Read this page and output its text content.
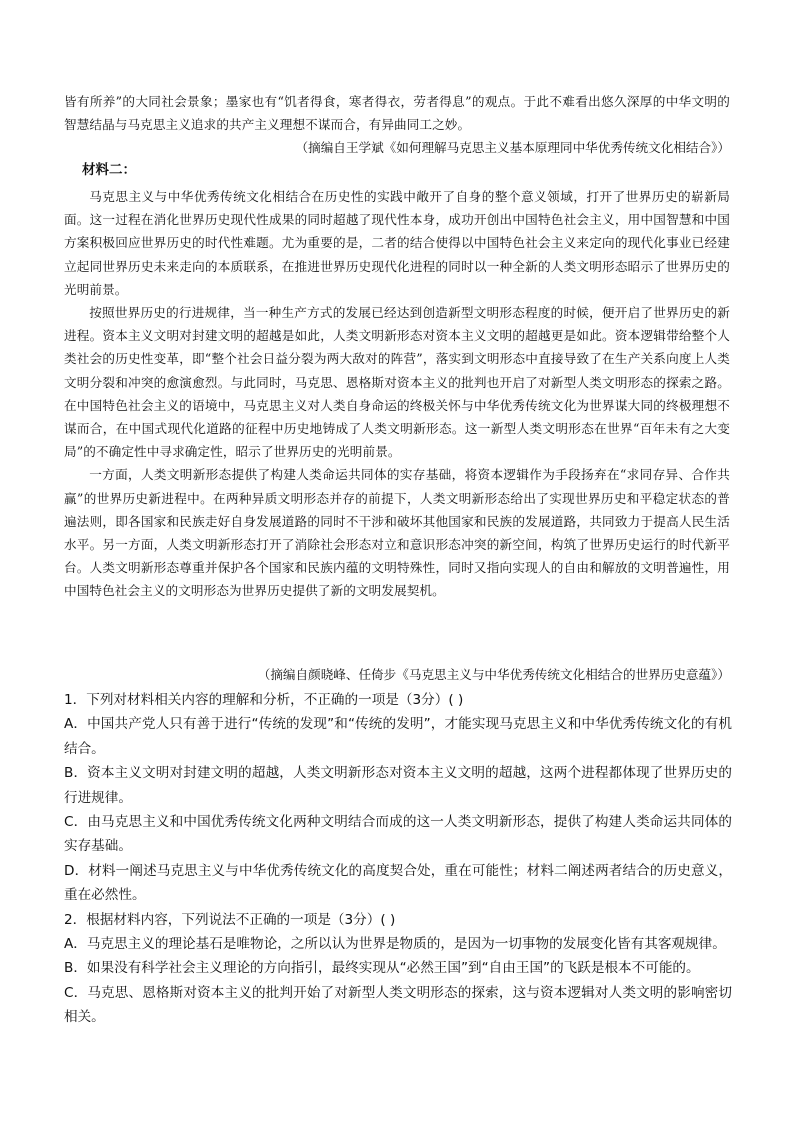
皆有所养”的大同社会景象；墨家也有“饥者得食，寒者得衣，劳者得息”的观点。于此不难看出悠久深厚的中华文明的智慧结晶与马克思主义追求的共产主义理想不谋而合，有异曲同工之妙。

（摘编自王学斌《如何理解马克思主义基本原理同中华优秀传统文化相结合》）

材料二：

马克思主义与中华优秀传统文化相结合在历史性的实践中敞开了自身的整个意义领域，打开了世界历史的崭新局面。这一过程在消化世界历史现代性成果的同时超越了现代性本身，成功开创出中国特色社会主义，用中国智慧和中国方案积极回应世界历史的时代性难题。尤为重要的是，二者的结合使得以中国特色社会主义来定向的现代化事业已经建立起同世界历史未来走向的本质联系，在推进世界历史现代化进程的同时以一种全新的人类文明形态昭示了世界历史的光明前景。

按照世界历史的行进规律，当一种生产方式的发展已经达到创造新型文明形态程度的时候，便开启了世界历史的新进程。资本主义文明对封建文明的超越是如此，人类文明新形态对资本主义文明的超越更是如此。资本逻辑带给整个人类社会的历史性变革，即“整个社会日益分裂为两大敌对的阵营”，落实到文明形态中直接导致了在生产关系向度上人类文明分裂和冲突的愈演愈烈。与此同时，马克思、恩格斯对资本主义的批判也开启了对新型人类文明形态的探索之路。在中国特色社会主义的语境中，马克思主义对人类自身命运的终极关怀与中华优秀传统文化为世界谋大同的终极理想不谋而合，在中国式现代化道路的征程中历史地铸成了人类文明新形态。这一新型人类文明形态在世界“百年未有之大变局”的不确定性中寻求确定性，昭示了世界历史的光明前景。

一方面，人类文明新形态提供了构建人类命运共同体的实存基础，将资本逻辑作为手段扬弃在“求同存异、合作共赢”的世界历史新进程中。在两种异质文明形态并存的前提下，人类文明新形态给出了实现世界历史和平稳定状态的普遍法则，即各国家和民族走好自身发展道路的同时不干涉和破坏其他国家和民族的发展道路，共同致力于提高人民生活水平。另一方面，人类文明新形态打开了消除社会形态对立和意识形态冲突的新空间，构筑了世界历史运行的时代新平台。人类文明新形态尊重并保护各个国家和民族内蕴的文明特殊性，同时又指向实现人的自由和解放的文明普遍性，用中国特色社会主义的文明形态为世界历史提供了新的文明发展契机。

（摘编自颜晓峰、任倚步《马克思主义与中华优秀传统文化相结合的世界历史意蕴》）

1．下列对材料相关内容的理解和分析，不正确的一项是（3分）( )

A．中国共产党人只有善于进行“传统的发现”和“传统的发明”，才能实现马克思主义和中华优秀传统文化的有机结合。

B．资本主义文明对封建文明的超越，人类文明新形态对资本主义文明的超越，这两个进程都体现了世界历史的行进规律。

C．由马克思主义和中国优秀传统文化两种文明结合而成的这一人类文明新形态，提供了构建人类命运共同体的实存基础。

D．材料一阐述马克思主义与中华优秀传统文化的高度契合处，重在可能性；材料二阐述两者结合的历史意义，重在必然性。

2．根据材料内容，下列说法不正确的一项是（3分）( )

A．马克思主义的理论基石是唯物论，之所以认为世界是物质的，是因为一切事物的发展变化皆有其客观规律。

B．如果没有科学社会主义理论的方向指引，最终实现从“必然王国”到“自由王国”的飞跃是根本不可能的。

C．马克思、恩格斯对资本主义的批判开始了对新型人类文明形态的探索，这与资本逻辑对人类文明的影响密切相关。
